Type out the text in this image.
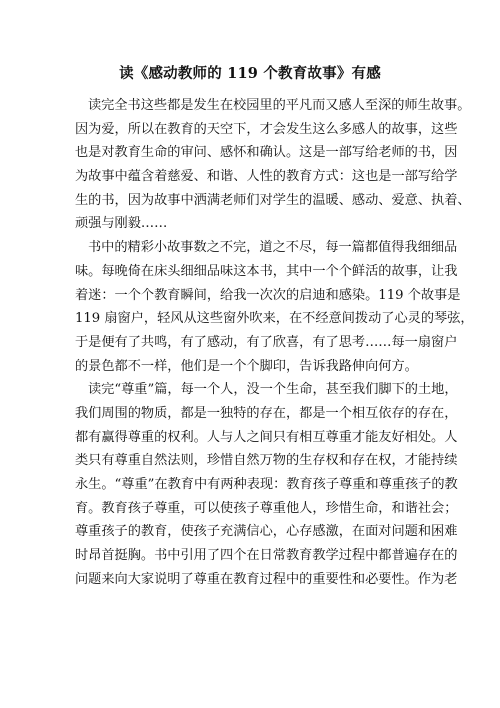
读《感动教师的 119 个教育故事》有感
读完全书这些都是发生在校园里的平凡而又感人至深的师生故事。
因为爱，所以在教育的天空下，才会发生这么多感人的故事，这些
也是对教育生命的审问、感怀和确认。这是一部写给老师的书，因
为故事中蕴含着慈爱、和谐、人性的教育方式：这也是一部写给学
生的书，因为故事中洒满老师们对学生的温暖、感动、爱意、执着、
顽强与刚毅……
书中的精彩小故事数之不完，道之不尽，每一篇都值得我细细品
味。每晚倚在床头细细品味这本书，其中一个个鲜活的故事，让我
着迷：一个个教育瞬间，给我一次次的启迪和感染。119 个故事是
119 扇窗户，轻风从这些窗外吹来，在不经意间拨动了心灵的琴弦，
于是便有了共鸣，有了感动，有了欣喜，有了思考……每一扇窗户
的景色都不一样，他们是一个个脚印，告诉我路伸向何方。
读完“尊重”篇，每一个人，没一个生命，甚至我们脚下的土地，
我们周围的物质，都是一独特的存在，都是一个相互依存的存在，
都有赢得尊重的权利。人与人之间只有相互尊重才能友好相处。人
类只有尊重自然法则，珍惜自然万物的生存权和存在权，才能持续
永生。“尊重”在教育中有两种表现：教育孩子尊重和尊重孩子的教
育。教育孩子尊重，可以使孩子尊重他人，珍惜生命，和谐社会；
尊重孩子的教育，使孩子充满信心，心存感激，在面对问题和困难
时昂首挺胸。书中引用了四个在日常教育教学过程中都普遍存在的
问题来向大家说明了尊重在教育过程中的重要性和必要性。作为老
